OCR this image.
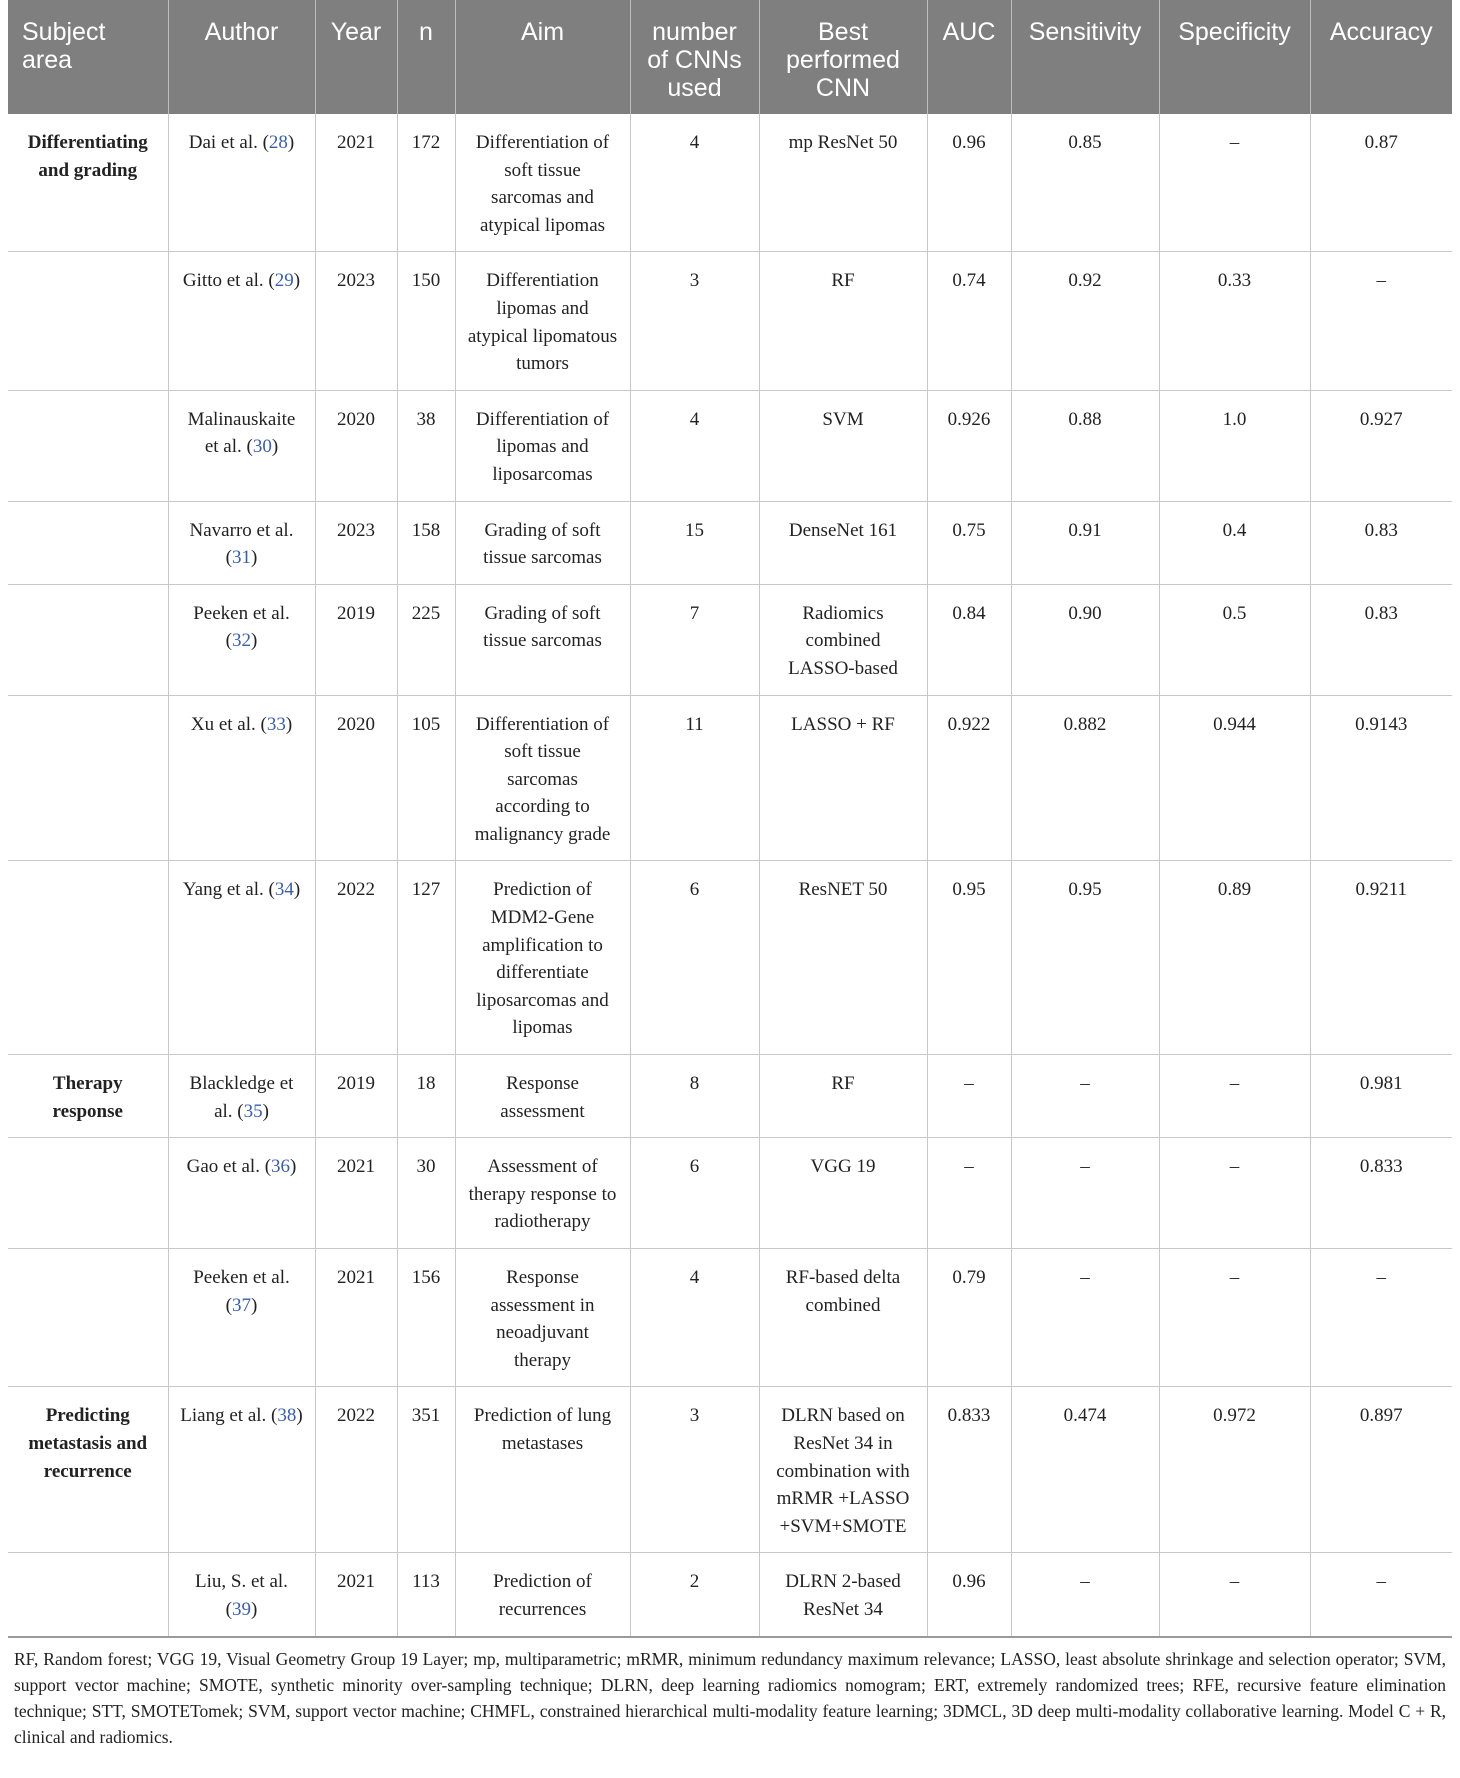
Subject area	Author	Year	n	Aim	number of CNNs used	Best performed CNN	AUC	Sensitivity	Specificity	Accuracy
Differentiating and grading	Dai et al. (28)	2021	172	Differentiation of soft tissue sarcomas and atypical lipomas	4	mp ResNet 50	0.96	0.85	–	0.87
	Gitto et al. (29)	2023	150	Differentiation lipomas and atypical lipomatous tumors	3	RF	0.74	0.92	0.33	–
	Malinauskaite et al. (30)	2020	38	Differentiation of lipomas and liposarcomas	4	SVM	0.926	0.88	1.0	0.927
	Navarro et al. (31)	2023	158	Grading of soft tissue sarcomas	15	DenseNet 161	0.75	0.91	0.4	0.83
	Peeken et al. (32)	2019	225	Grading of soft tissue sarcomas	7	Radiomics combined LASSO-based	0.84	0.90	0.5	0.83
	Xu et al. (33)	2020	105	Differentiation of soft tissue sarcomas according to malignancy grade	11	LASSO + RF	0.922	0.882	0.944	0.9143
	Yang et al. (34)	2022	127	Prediction of MDM2-Gene amplification to differentiate liposarcomas and lipomas	6	ResNET 50	0.95	0.95	0.89	0.9211
Therapy response	Blackledge et al. (35)	2019	18	Response assessment	8	RF	–	–	–	0.981
	Gao et al. (36)	2021	30	Assessment of therapy response to radiotherapy	6	VGG 19	–	–	–	0.833
	Peeken et al. (37)	2021	156	Response assessment in neoadjuvant therapy	4	RF-based delta combined	0.79	–	–	–
Predicting metastasis and recurrence	Liang et al. (38)	2022	351	Prediction of lung metastases	3	DLRN based on ResNet 34 in combination with mRMR +LASSO +SVM+SMOTE	0.833	0.474	0.972	0.897
	Liu, S. et al. (39)	2021	113	Prediction of recurrences	2	DLRN 2-based ResNet 34	0.96	–	–	–

RF, Random forest; VGG 19, Visual Geometry Group 19 Layer; mp, multiparametric; mRMR, minimum redundancy maximum relevance; LASSO, least absolute shrinkage and selection operator; SVM, support vector machine; SMOTE, synthetic minority over-sampling technique; DLRN, deep learning radiomics nomogram; ERT, extremely randomized trees; RFE, recursive feature elimination technique; STT, SMOTETomek; SVM, support vector machine; CHMFL, constrained hierarchical multi-modality feature learning; 3DMCL, 3D deep multi-modality collaborative learning. Model C + R, clinical and radiomics.
